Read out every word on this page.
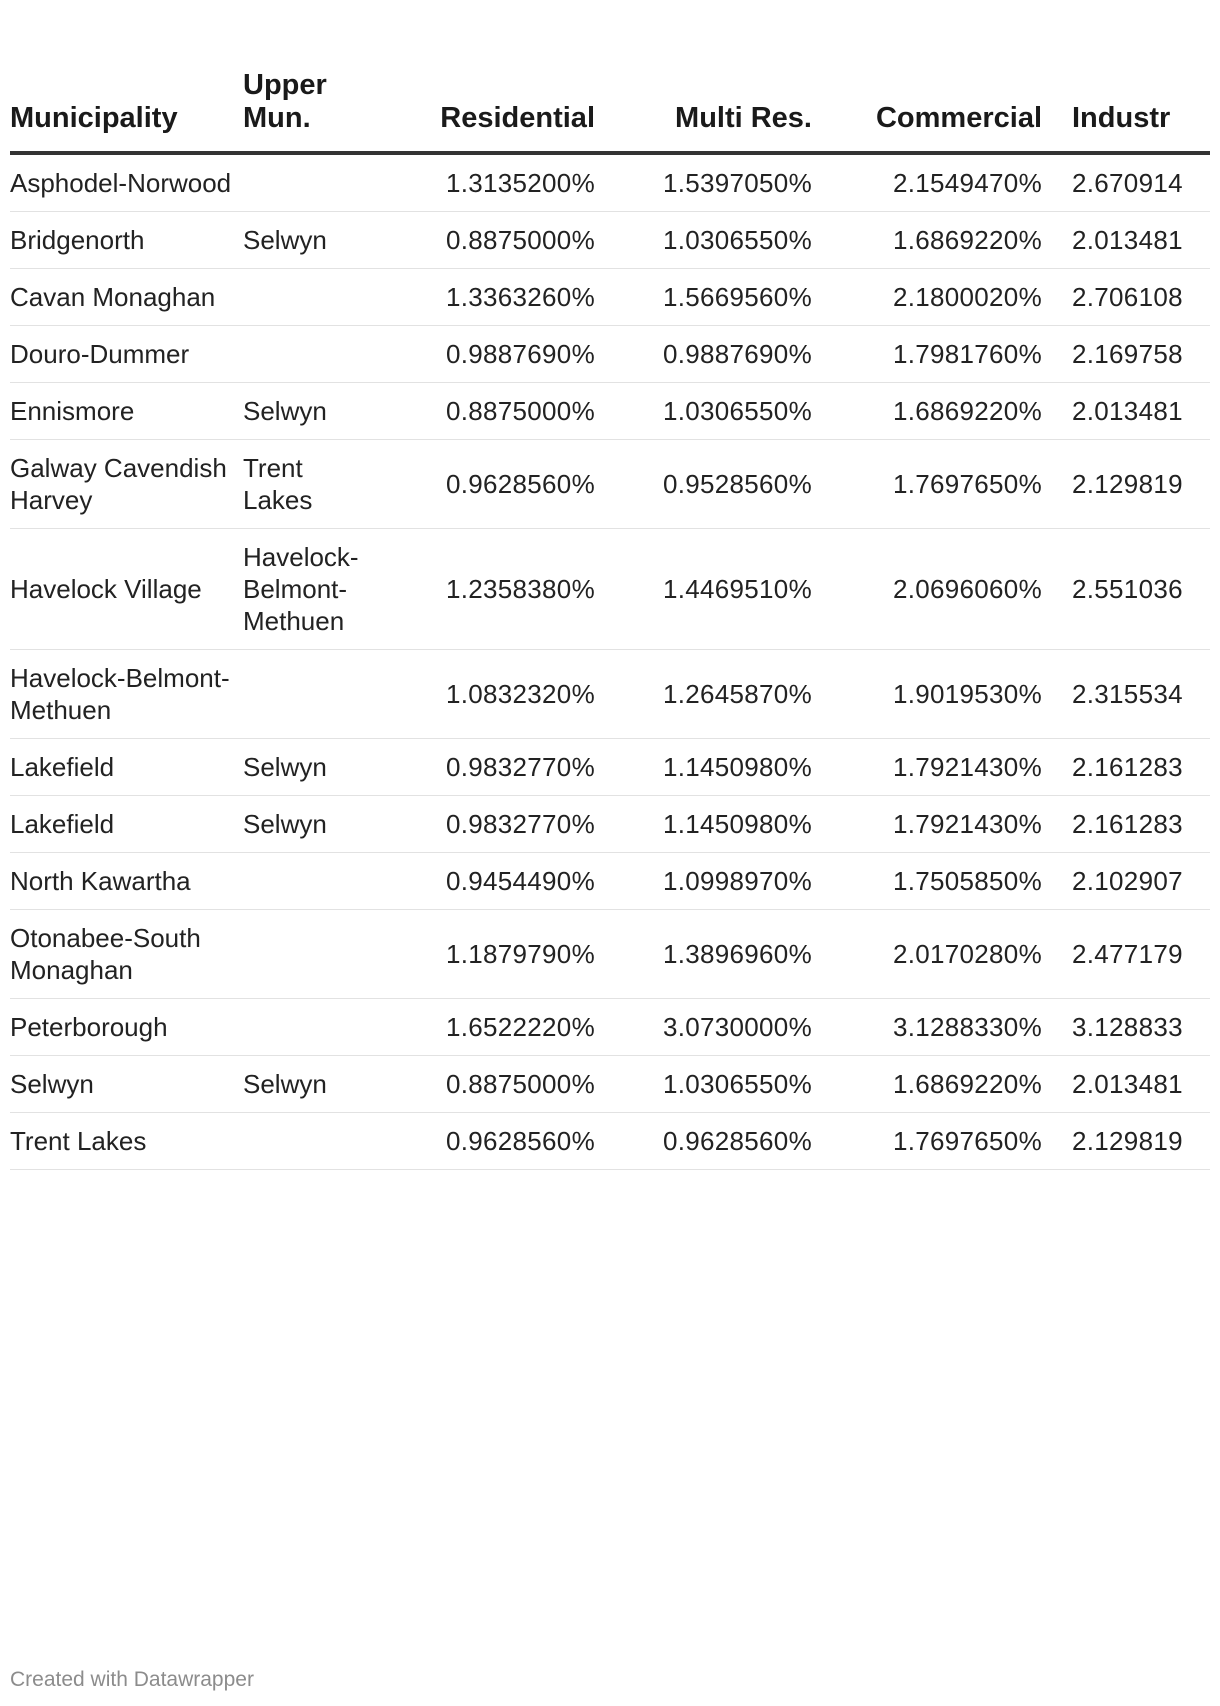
Municipality	Upper Mun.	Residential	Multi Res.	Commercial	Industr
Asphodel-Norwood		1.3135200%	1.5397050%	2.1549470%	2.670914
Bridgenorth	Selwyn	0.8875000%	1.0306550%	1.6869220%	2.013481
Cavan Monaghan		1.3363260%	1.5669560%	2.1800020%	2.706108
Douro-Dummer		0.9887690%	0.9887690%	1.7981760%	2.169758
Ennismore	Selwyn	0.8875000%	1.0306550%	1.6869220%	2.013481
Galway Cavendish Harvey	Trent Lakes	0.9628560%	0.9528560%	1.7697650%	2.129819
Havelock Village	Havelock-Belmont-Methuen	1.2358380%	1.4469510%	2.0696060%	2.551036
Havelock-Belmont-Methuen		1.0832320%	1.2645870%	1.9019530%	2.315534
Lakefield	Selwyn	0.9832770%	1.1450980%	1.7921430%	2.161283
Lakefield	Selwyn	0.9832770%	1.1450980%	1.7921430%	2.161283
North Kawartha		0.9454490%	1.0998970%	1.7505850%	2.102907
Otonabee-South Monaghan		1.1879790%	1.3896960%	2.0170280%	2.477179
Peterborough		1.6522220%	3.0730000%	3.1288330%	3.128833
Selwyn	Selwyn	0.8875000%	1.0306550%	1.6869220%	2.013481
Trent Lakes		0.9628560%	0.9628560%	1.7697650%	2.129819
Created with Datawrapper
